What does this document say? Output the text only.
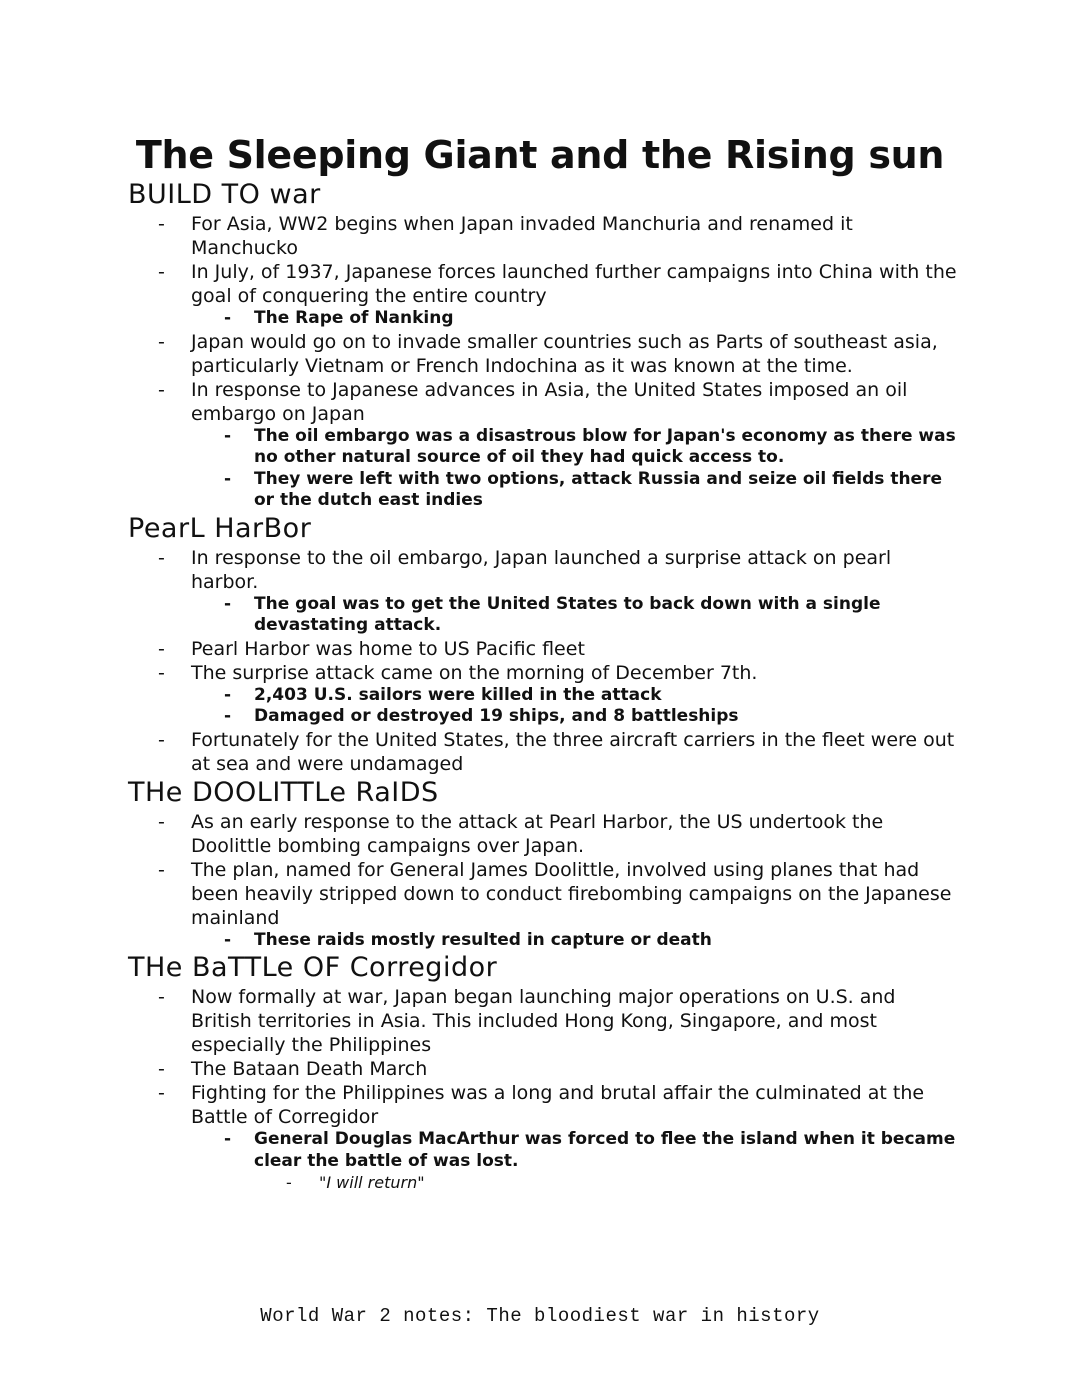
The Sleeping Giant and the Rising sun
BUILD TO war
- For Asia, WW2 begins when Japan invaded Manchuria and renamed it Manchucko
- In July, of 1937, Japanese forces launched further campaigns into China with the goal of conquering the entire country
- The Rape of Nanking
- Japan would go on to invade smaller countries such as Parts of southeast asia, particularly Vietnam or French Indochina as it was known at the time.
- In response to Japanese advances in Asia, the United States imposed an oil embargo on Japan
- The oil embargo was a disastrous blow for Japan's economy as there was no other natural source of oil they had quick access to.
- They were left with two options, attack Russia and seize oil fields there or the dutch east indies
PearL HarBor
- In response to the oil embargo, Japan launched a surprise attack on pearl harbor.
- The goal was to get the United States to back down with a single devastating attack.
- Pearl Harbor was home to US Pacific fleet
- The surprise attack came on the morning of December 7th.
- 2,403 U.S. sailors were killed in the attack
- Damaged or destroyed 19 ships, and 8 battleships
- Fortunately for the United States, the three aircraft carriers in the fleet were out at sea and were undamaged
THe DOOLITTLe RaIDS
- As an early response to the attack at Pearl Harbor, the US undertook the Doolittle bombing campaigns over Japan.
- The plan, named for General James Doolittle, involved using planes that had been heavily stripped down to conduct firebombing campaigns on the Japanese mainland
- These raids mostly resulted in capture or death
THe BaTTLe OF Corregidor
- Now formally at war, Japan began launching major operations on U.S. and British territories in Asia. This included Hong Kong, Singapore, and most especially the Philippines
- The Bataan Death March
- Fighting for the Philippines was a long and brutal affair the culminated at the Battle of Corregidor
- General Douglas MacArthur was forced to flee the island when it became clear the battle of was lost.
- "I will return"
World War 2 notes: The bloodiest war in history
